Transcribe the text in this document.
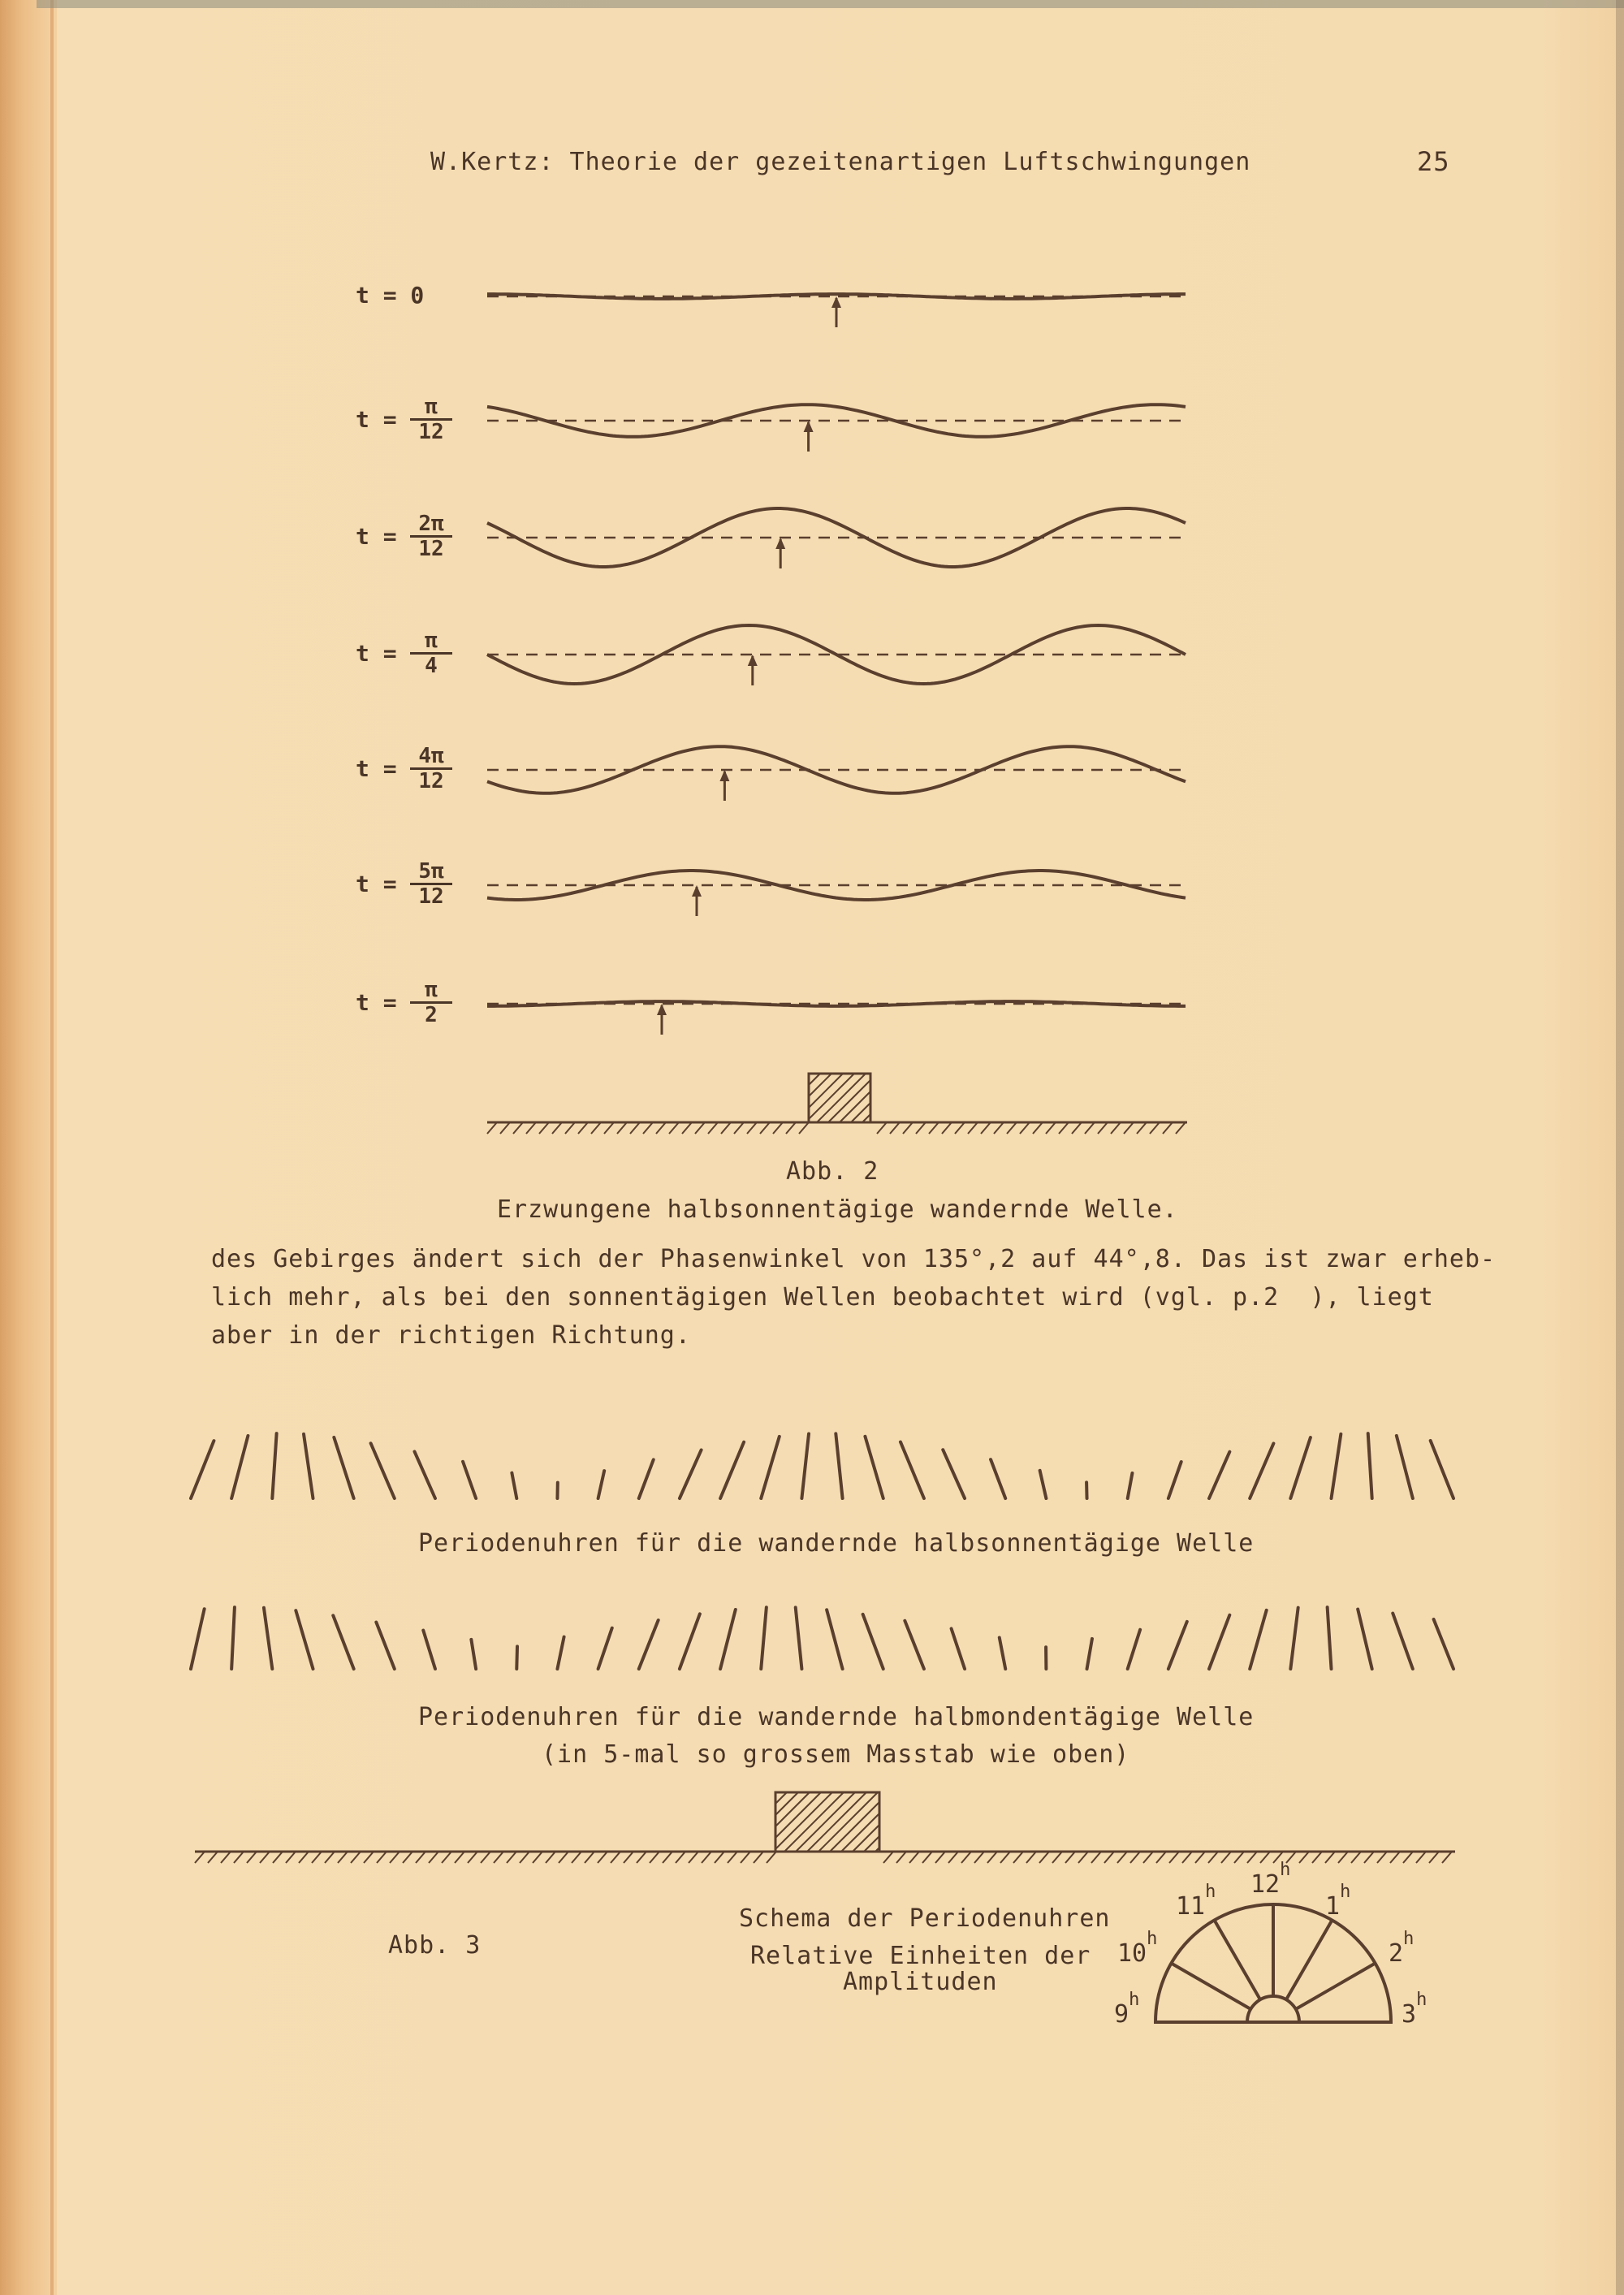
W.Kertz: Theorie der gezeitenartigen Luftschwingungen	25
t = 0
$t = \frac{\pi}{12}$
$t = \frac{2\pi}{12}$
$t = \frac{\pi}{4}$
$t = \frac{4\pi}{12}$
$t = \frac{5\pi}{12}$
$t = \frac{\pi}{2}$
Abb. 2
Erzwungene halbsonnentägige wandernde Welle.
des Gebirges ändert sich der Phasenwinkel von 135°,2 auf 44°,8. Das ist zwar erheb-
lich mehr, als bei den sonnentägigen Wellen beobachtet wird (vgl. p.2  ), liegt
aber in der richtigen Richtung.
Periodenuhren für die wandernde halbsonnentägige Welle
Periodenuhren für die wandernde halbmondentägige Welle
(in 5-mal so grossem Masstab wie oben)
Abb. 3
Schema der Periodenuhren
Relative Einheiten der
Amplituden
9$^h$
10$^h$
11$^h$ 12$^h$
1$^h$
2$^h$
3$^h$
